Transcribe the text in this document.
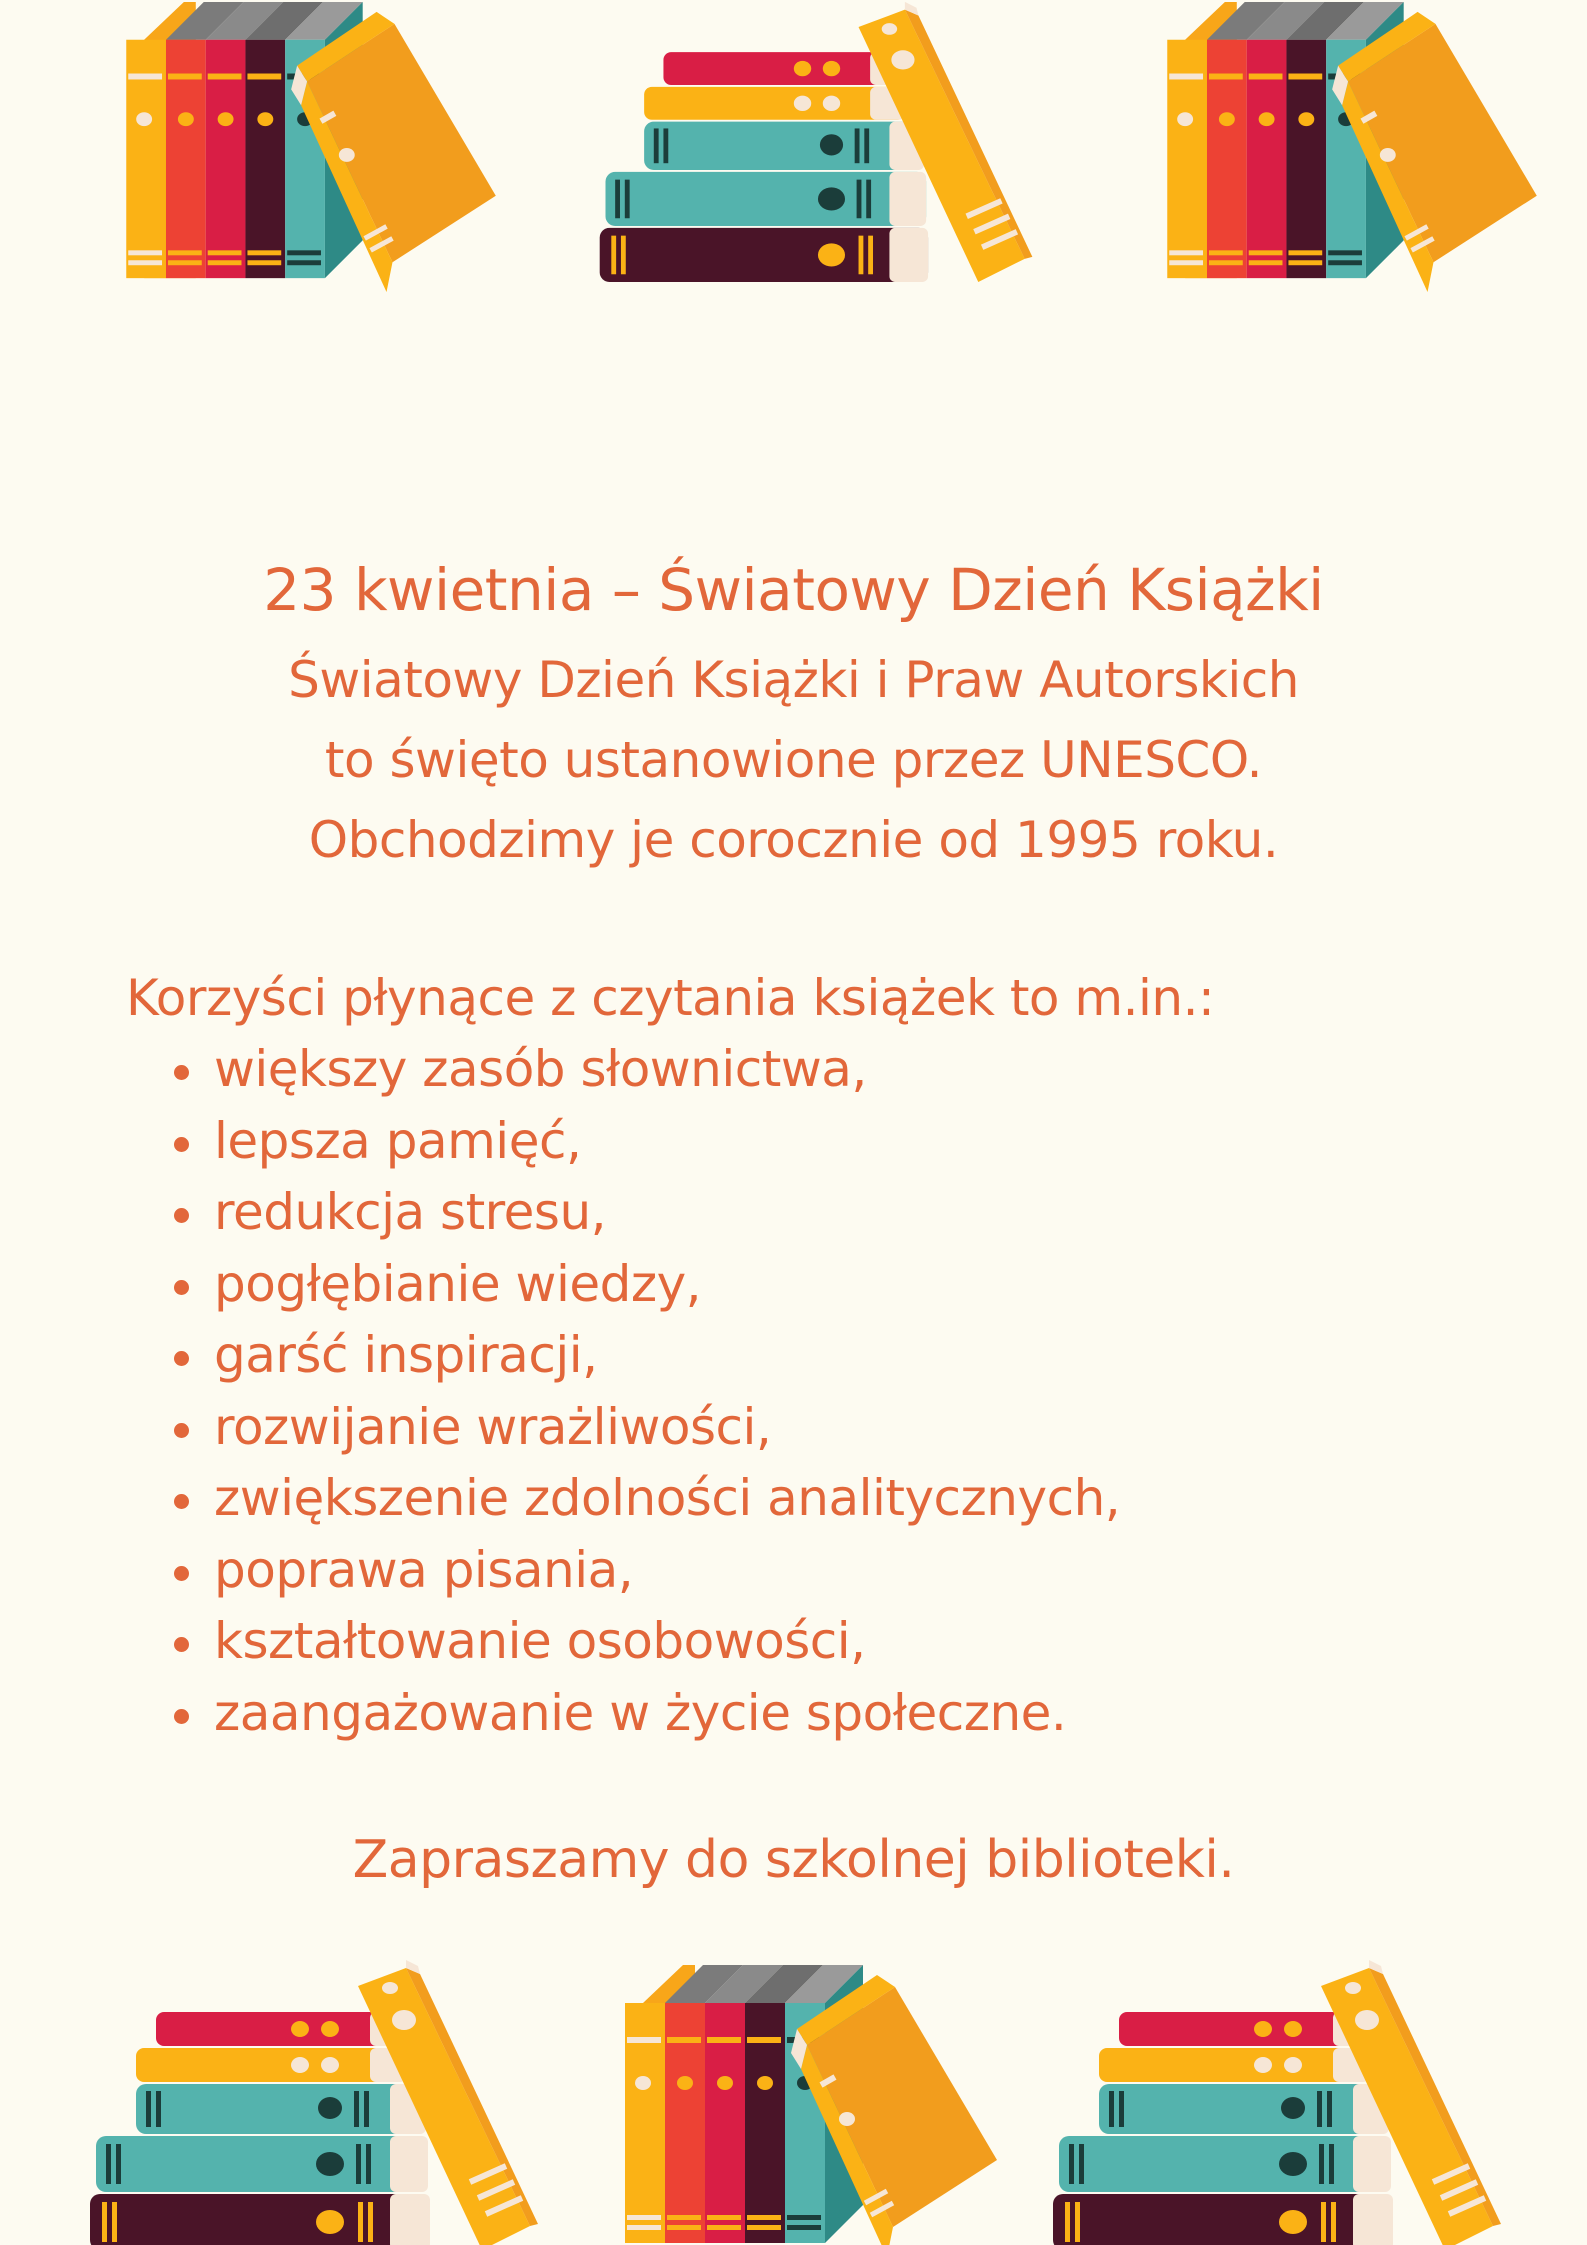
23 kwietnia – Światowy Dzień Książki
Światowy Dzień Książki i Praw Autorskich
to święto ustanowione przez UNESCO.
Obchodzimy je corocznie od 1995 roku.
Korzyści płynące z czytania książek to m.in.:
większy zasób słownictwa,
lepsza pamięć,
redukcja stresu,
pogłębianie wiedzy,
garść inspiracji,
rozwijanie wrażliwości,
zwiększenie zdolności analitycznych,
poprawa pisania,
kształtowanie osobowości,
zaangażowanie w życie społeczne.
Zapraszamy do szkolnej biblioteki.
